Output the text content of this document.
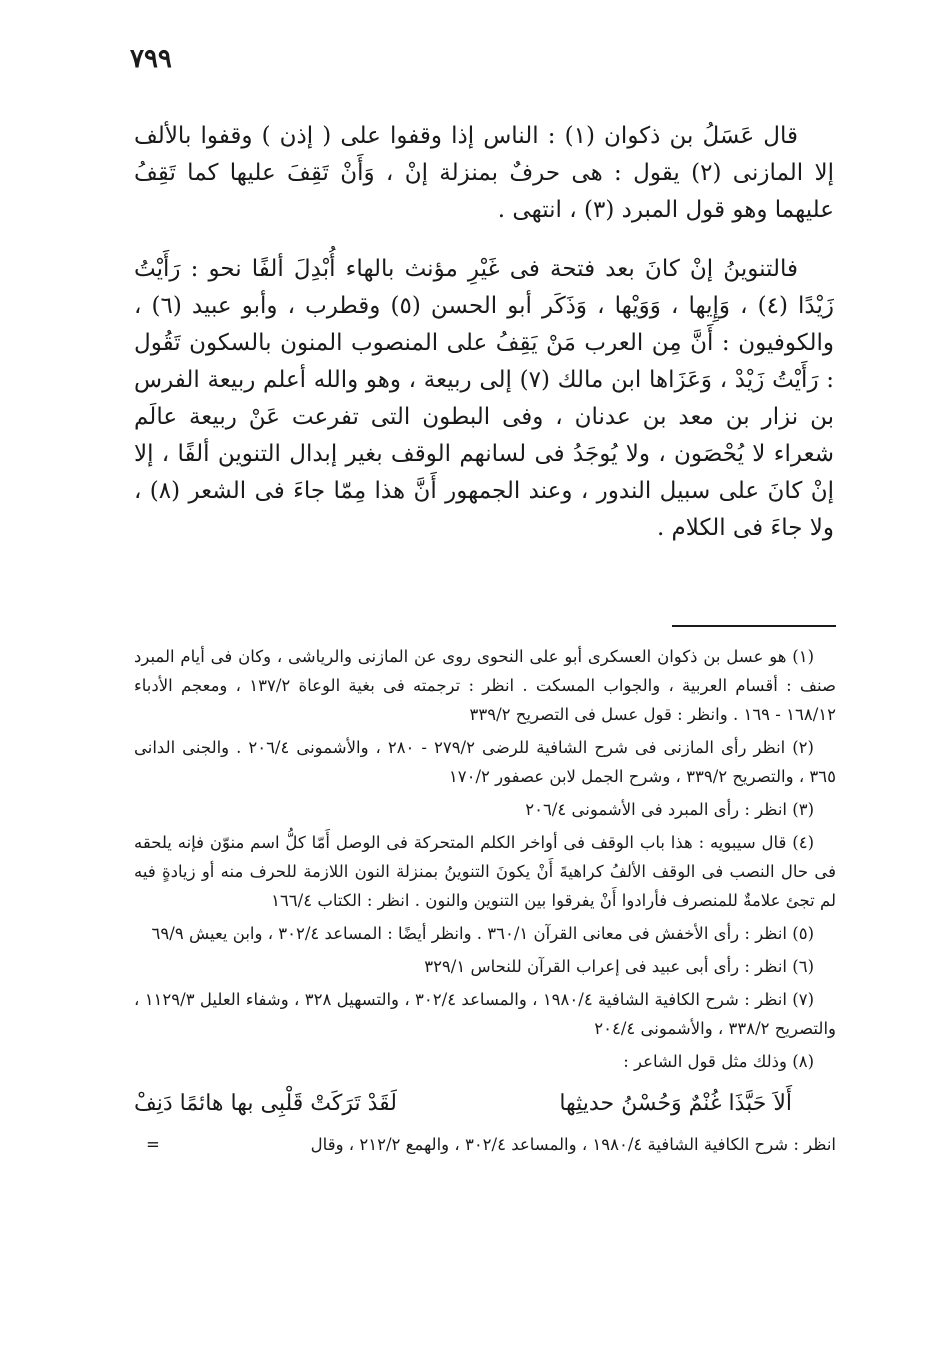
٧٩٩

قال عَسَلُ بن ذكوان (١) : الناس إذا وقفوا على ( إذن ) وقفوا بالألف إلا المازنى (٢) يقول : هى حرفٌ بمنزلة إنْ ، وَأَنْ تَقِفَ عليها كما تَقِفُ عليهما وهو قول المبرد (٣) ، انتهى .

فالتنوينُ إنْ كانَ بعد فتحة فى غَيْرِ مؤنث بالهاء أُبْدِلَ ألفًا نحو : رَأَيْتُ زَيْدًا (٤) ، وَإِيها ، وَوَيْها ، وَذَكَر أبو الحسن (٥) وقطرب ، وأبو عبيد (٦) ، والكوفيون : أَنَّ مِن العرب مَنْ يَقِفُ على المنصوب المنون بالسكون تَقُول : رَأَيْتُ زَيْدْ ، وَعَزَاها ابن مالك (٧) إلى ربيعة ، وهو والله أعلم ربيعة الفرس بن نزار بن معد بن عدنان ، وفى البطون التى تفرعت عَنْ ربيعة عالَم شعراء لا يُحْصَون ، ولا يُوجَدُ فى لسانهم الوقف بغير إبدال التنوين ألفًا ، إلا إنْ كانَ على سبيل الندور ، وعند الجمهور أَنَّ هذا مِمّا جاءَ فى الشعر (٨) ، ولا جاءَ فى الكلام .

(١) هو عسل بن ذكوان العسكرى أبو على النحوى روى عن المازنى والرياشى ، وكان فى أيام المبرد صنف : أقسام العربية ، والجواب المسكت . انظر : ترجمته فى بغية الوعاة ١٣٧/٢ ، ومعجم الأدباء ١٦٨/١٢ - ١٦٩ . وانظر : قول عسل فى التصريح ٣٣٩/٢
(٢) انظر رأى المازنى فى شرح الشافية للرضى ٢٧٩/٢ - ٢٨٠ ، والأشمونى ٢٠٦/٤ . والجنى الدانى ٣٦٥ ، والتصريح ٣٣٩/٢ ، وشرح الجمل لابن عصفور ١٧٠/٢
(٣) انظر : رأى المبرد فى الأشمونى ٢٠٦/٤
(٤) قال سيبويه : هذا باب الوقف فى أواخر الكلم المتحركة فى الوصل أَمّا كلُّ اسم منوّن فإنه يلحقه فى حال النصب فى الوقف الألفُ كراهيةَ أَنْ يكونَ التنوينُ بمنزلة النون اللازمة للحرف منه أو زيادةٍ فيه لم تجئ علامةٌ للمنصرف فأرادوا أَنْ يفرقوا بين التنوين والنون . انظر : الكتاب ١٦٦/٤
(٥) انظر : رأى الأخفش فى معانى القرآن ٣٦٠/١ . وانظر أيضًا : المساعد ٣٠٢/٤ ، وابن يعيش ٦٩/٩
(٦) انظر : رأى أبى عبيد فى إعراب القرآن للنحاس ٣٢٩/١
(٧) انظر : شرح الكافية الشافية ١٩٨٠/٤ ، والمساعد ٣٠٢/٤ ، والتسهيل ٣٢٨ ، وشفاء العليل ١١٢٩/٣ ، والتصريح ٣٣٨/٢ ، والأشمونى ٢٠٤/٤
(٨) وذلك مثل قول الشاعر :
أَلاَ حَبَّذَا غُنْمٌ وَحُسْنُ حديثِها
لَقَدْ تَرَكَتْ قَلْبِى بها هائمًا دَنِفْ
انظر : شرح الكافية الشافية ١٩٨٠/٤ ، والمساعد ٣٠٢/٤ ، والهمع ٢١٢/٢ ، وقال
=
